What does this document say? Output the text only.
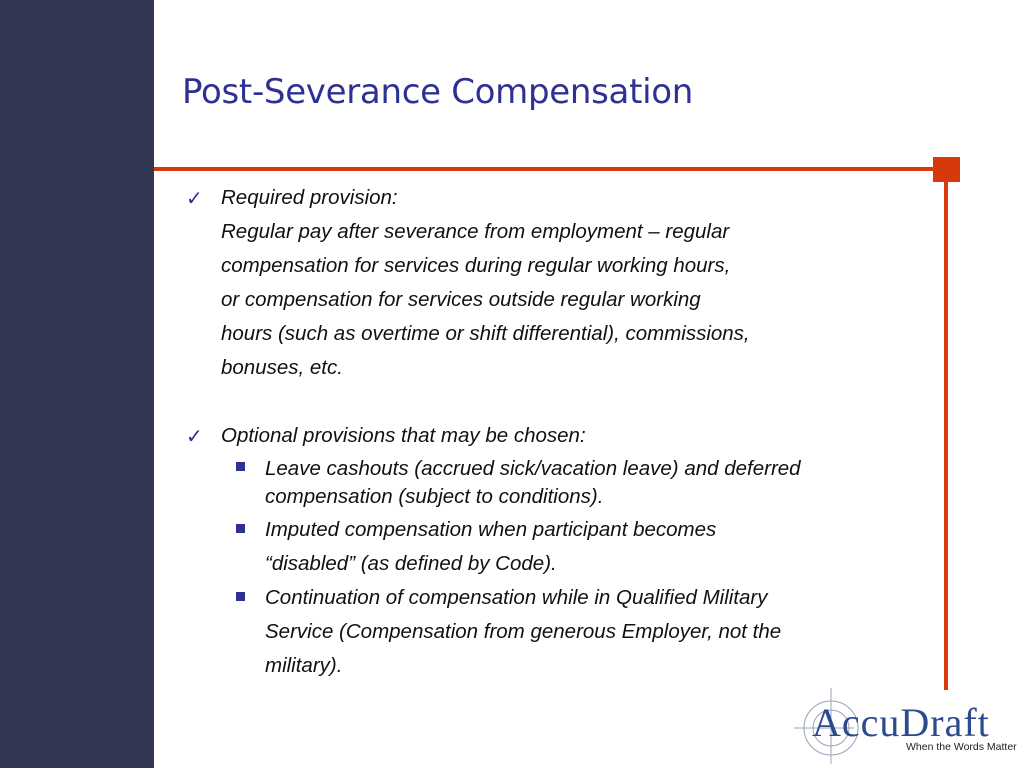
Post-Severance Compensation
✓ Required provision:
Regular pay after severance from employment – regular
compensation for services during regular working hours,
or compensation for services outside regular working
hours (such as overtime or shift differential), commissions,
bonuses, etc.
✓ Optional provisions that may be chosen:
Leave cashouts (accrued sick/vacation leave) and deferred
compensation (subject to conditions).
Imputed compensation when participant becomes
“disabled” (as defined by Code).
Continuation of compensation while in Qualified Military
Service (Compensation from generous Employer, not the
military).
AccuDraft
When the Words Matter
